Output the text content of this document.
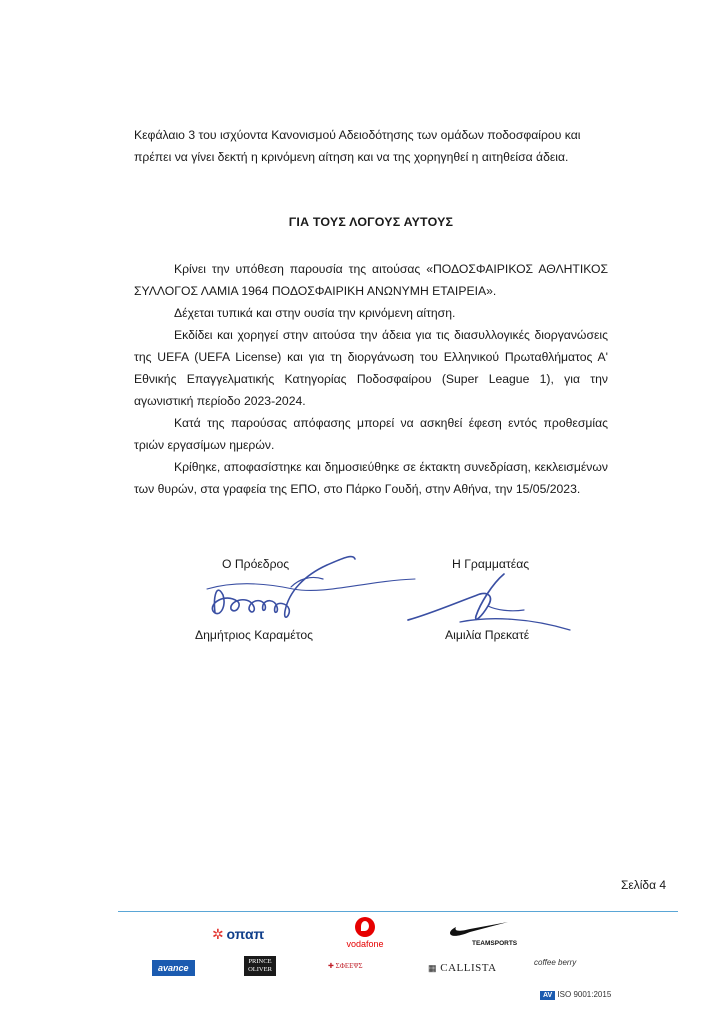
Κεφάλαιο 3 του ισχύοντα Κανονισμού Αδειοδότησης των ομάδων ποδοσφαίρου και

πρέπει να γίνει δεκτή η κρινόμενη αίτηση και να της χορηγηθεί η αιτηθείσα άδεια.

ΓΙΑ ΤΟΥΣ ΛΟΓΟΥΣ ΑΥΤΟΥΣ

Κρίνει την υπόθεση παρουσία της αιτούσας «ΠΟΔΟΣΦΑΙΡΙΚΟΣ ΑΘΛΗΤΙΚΟΣ ΣΥΛΛΟΓΟΣ ΛΑΜΙΑ 1964 ΠΟΔΟΣΦΑΙΡΙΚΗ ΑΝΩΝΥΜΗ ΕΤΑΙΡΕΙΑ».

Δέχεται τυπικά και στην ουσία την κρινόμενη αίτηση.

Εκδίδει και χορηγεί στην αιτούσα την άδεια για τις διασυλλογικές διοργανώσεις της UEFA (UEFA License) και για τη διοργάνωση του Ελληνικού Πρωταθλήματος Α' Εθνικής Επαγγελματικής Κατηγορίας Ποδοσφαίρου (Super League 1), για την αγωνιστική περίοδο 2023-2024.

Κατά της παρούσας απόφασης μπορεί να ασκηθεί έφεση εντός προθεσμίας τριών εργασίμων ημερών.

Κρίθηκε, αποφασίστηκε και δημοσιεύθηκε σε έκτακτη συνεδρίαση, κεκλεισμένων των θυρών, στα γραφεία της ΕΠΟ, στο Πάρκο Γουδή, στην Αθήνα, την 15/05/2023.

Ο Πρόεδρος
Δημήτριος Καραμέτος
Η Γραμματέας
Αιμιλία Πρεκατέ
Σελίδα 4
✲ οπαπ
vodafone	TEAMSPORTS
avance
PRINCE OLIVER	✚ ΣΦΕΕΨΣ	▦ CALLISTA	coffee berry
AV ISO 9001:2015
